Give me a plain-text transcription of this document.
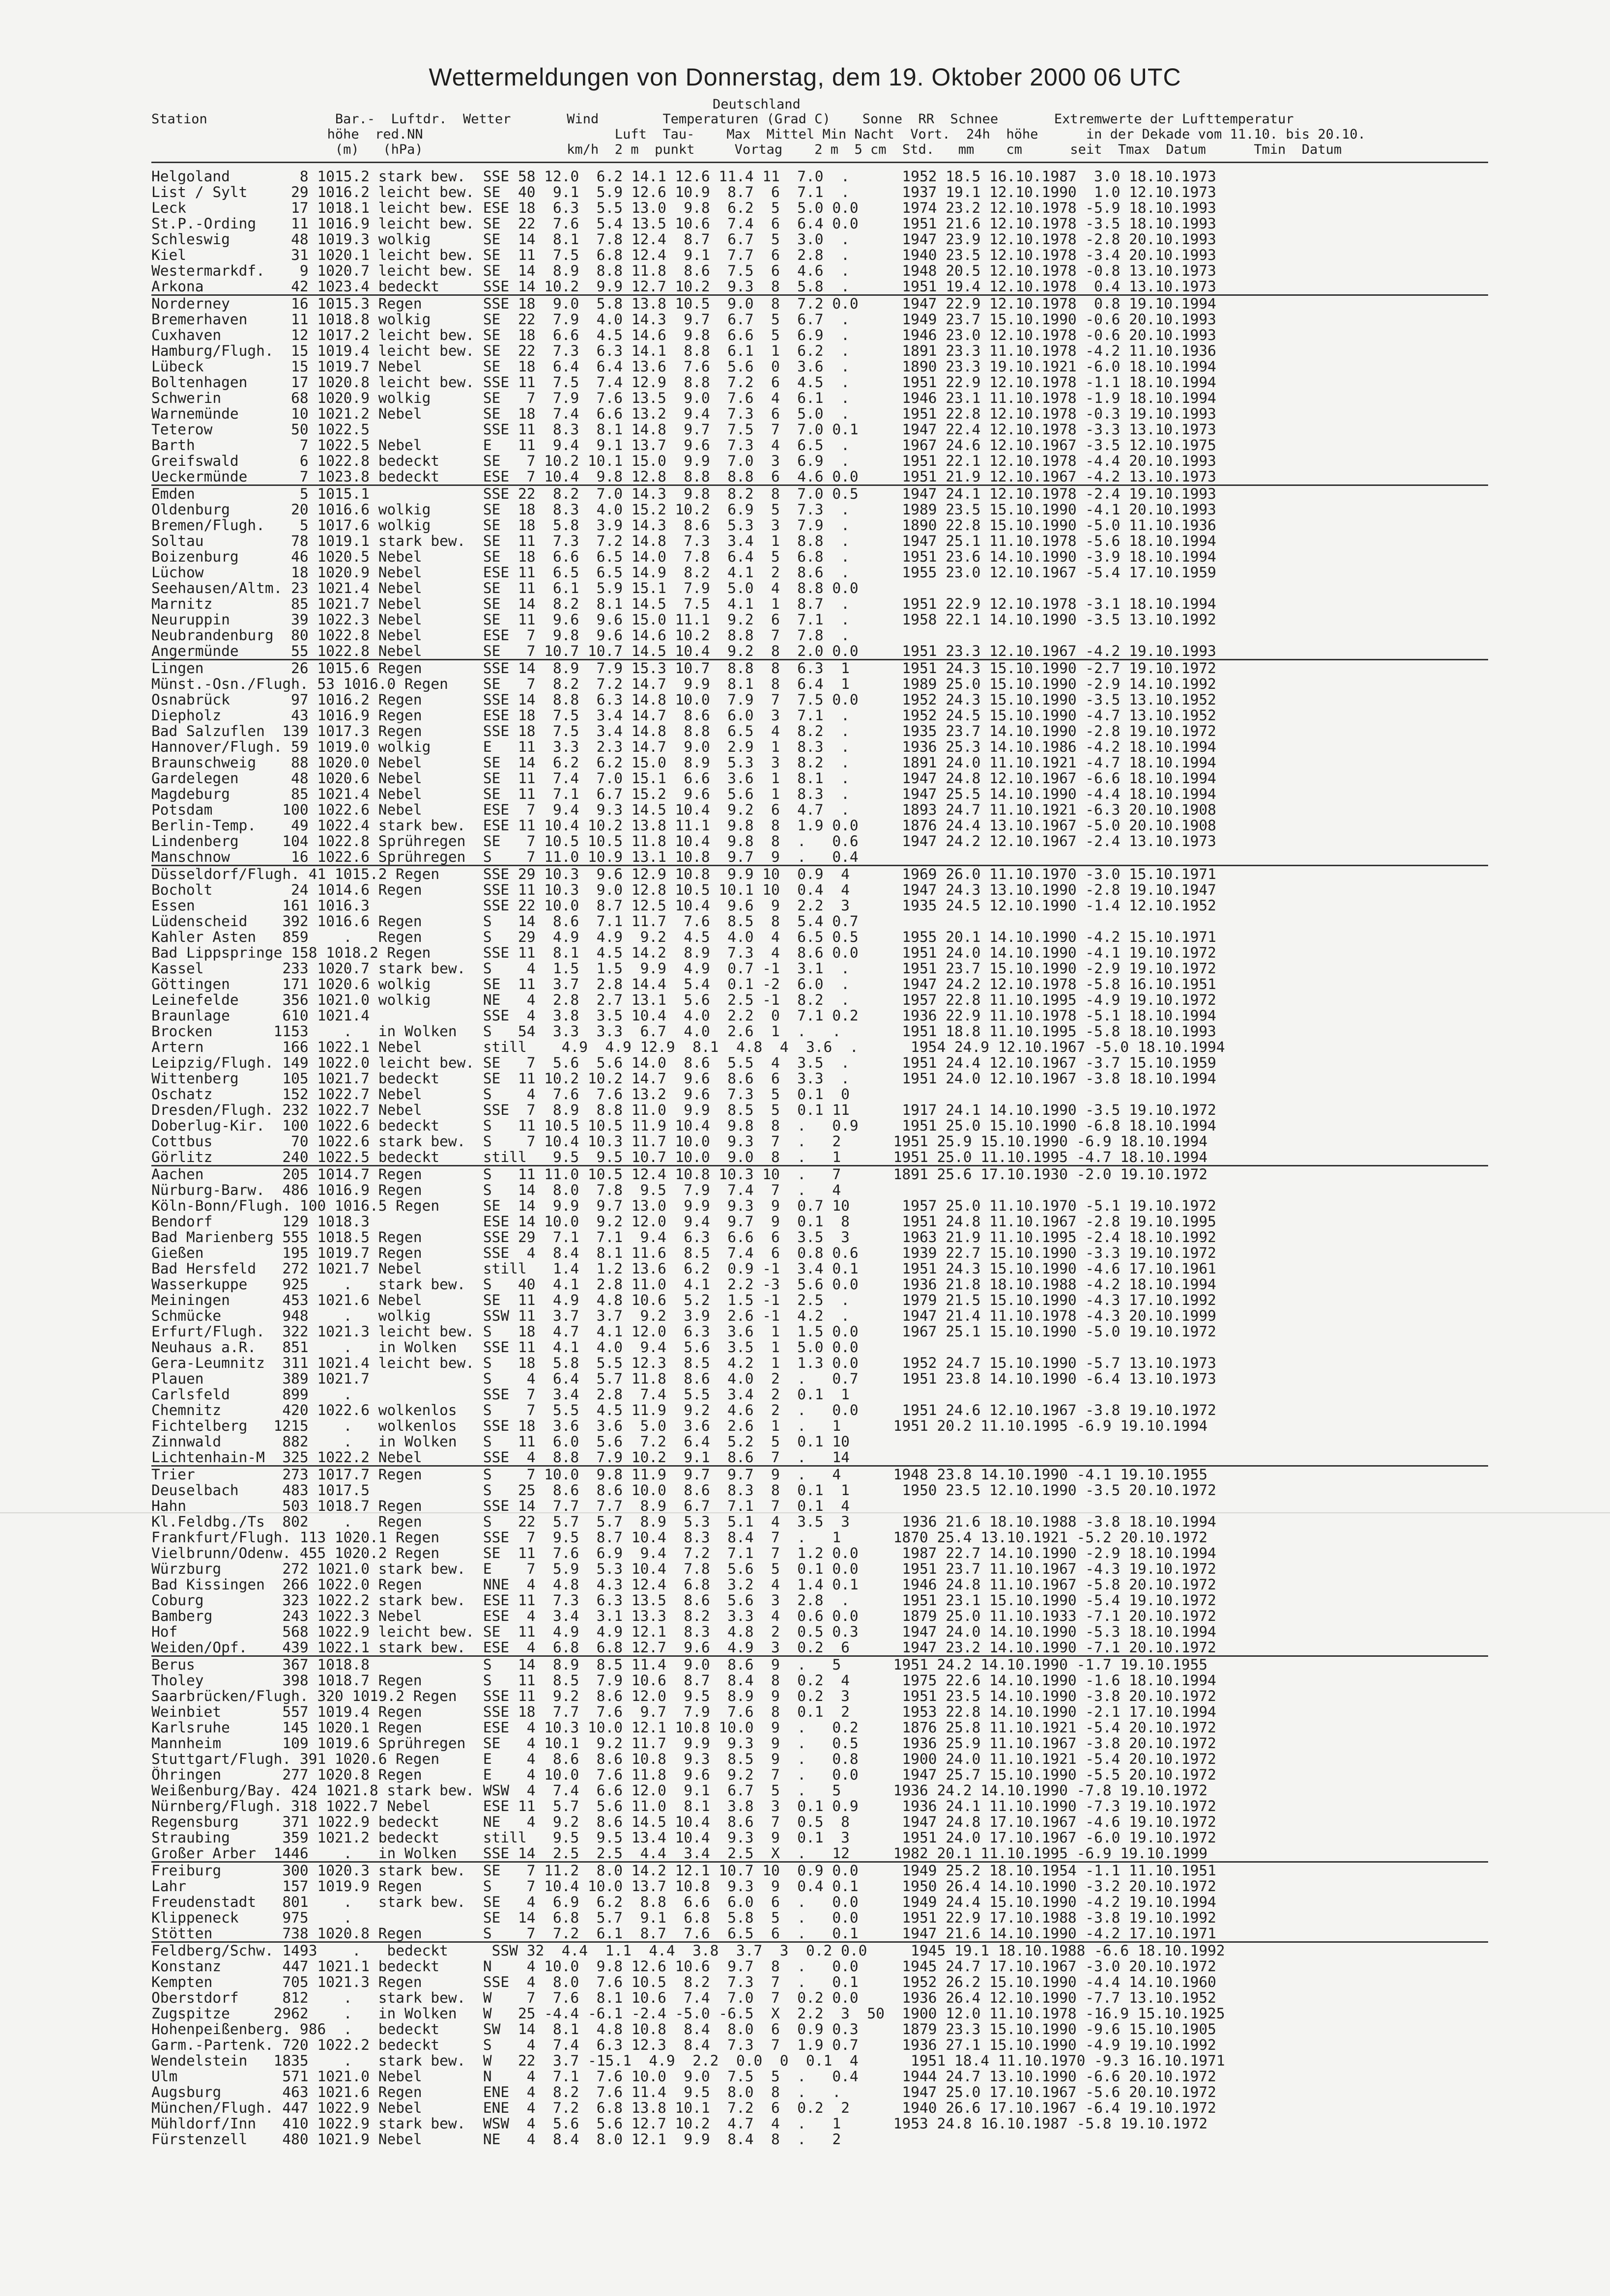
Wettermeldungen von Donnerstag, dem 19. Oktober 2000 06 UTC
Deutschland
Station                Bar.-  Luftdr.  Wetter       Wind        Temperaturen (Grad C)    Sonne  RR  Schnee       Extremwerte der Lufttemperatur
höhe  red.NN                        Luft  Tau-    Max  Mittel Min Nacht  Vort.  24h  höhe      in der Dekade vom 11.10. bis 20.10.
(m)   (hPa)                  km/h  2 m  punkt     Vortag    2 m  5 cm  Std.   mm    cm      seit  Tmax  Datum      Tmin  Datum
Helgoland        8 1015.2 stark bew.  SSE 58 12.0  6.2 14.1 12.6 11.4 11  7.0  .      1952 18.5 16.10.1987  3.0 18.10.1973
List / Sylt     29 1016.2 leicht bew. SE  40  9.1  5.9 12.6 10.9  8.7  6  7.1  .      1937 19.1 12.10.1990  1.0 12.10.1973
Leck            17 1018.1 leicht bew. ESE 18  6.3  5.5 13.0  9.8  6.2  5  5.0 0.0     1974 23.2 12.10.1978 -5.9 18.10.1993
St.P.-Ording    11 1016.9 leicht bew. SE  22  7.6  5.4 13.5 10.6  7.4  6  6.4 0.0     1951 21.6 12.10.1978 -3.5 18.10.1993
Schleswig       48 1019.3 wolkig      SE  14  8.1  7.8 12.4  8.7  6.7  5  3.0  .      1947 23.9 12.10.1978 -2.8 20.10.1993
Kiel            31 1020.1 leicht bew. SE  11  7.5  6.8 12.4  9.1  7.7  6  2.8  .      1940 23.5 12.10.1978 -3.4 20.10.1993
Westermarkdf.    9 1020.7 leicht bew. SE  14  8.9  8.8 11.8  8.6  7.5  6  4.6  .      1948 20.5 12.10.1978 -0.8 13.10.1973
Arkona          42 1023.4 bedeckt     SSE 14 10.2  9.9 12.7 10.2  9.3  8  5.8  .      1951 19.4 12.10.1978  0.4 13.10.1973
Norderney       16 1015.3 Regen       SSE 18  9.0  5.8 13.8 10.5  9.0  8  7.2 0.0     1947 22.9 12.10.1978  0.8 19.10.1994
Bremerhaven     11 1018.8 wolkig      SE  22  7.9  4.0 14.3  9.7  6.7  5  6.7  .      1949 23.7 15.10.1990 -0.6 20.10.1993
Cuxhaven        12 1017.2 leicht bew. SE  18  6.6  4.5 14.6  9.8  6.6  5  6.9  .      1946 23.0 12.10.1978 -0.6 20.10.1993
Hamburg/Flugh.  15 1019.4 leicht bew. SE  22  7.3  6.3 14.1  8.8  6.1  1  6.2  .      1891 23.3 11.10.1978 -4.2 11.10.1936
Lübeck          15 1019.7 Nebel       SE  18  6.4  6.4 13.6  7.6  5.6  0  3.6  .      1890 23.3 19.10.1921 -6.0 18.10.1994
Boltenhagen     17 1020.8 leicht bew. SSE 11  7.5  7.4 12.9  8.8  7.2  6  4.5  .      1951 22.9 12.10.1978 -1.1 18.10.1994
Schwerin        68 1020.9 wolkig      SE   7  7.9  7.6 13.5  9.0  7.6  4  6.1  .      1946 23.1 11.10.1978 -1.9 18.10.1994
Warnemünde      10 1021.2 Nebel       SE  18  7.4  6.6 13.2  9.4  7.3  6  5.0  .      1951 22.8 12.10.1978 -0.3 19.10.1993
Teterow         50 1022.5             SSE 11  8.3  8.1 14.8  9.7  7.5  7  7.0 0.1     1947 22.4 12.10.1978 -3.3 13.10.1973
Barth            7 1022.5 Nebel       E   11  9.4  9.1 13.7  9.6  7.3  4  6.5  .      1967 24.6 12.10.1967 -3.5 12.10.1975
Greifswald       6 1022.8 bedeckt     SE   7 10.2 10.1 15.0  9.9  7.0  3  6.9  .      1951 22.1 12.10.1978 -4.4 20.10.1993
Ueckermünde      7 1023.8 bedeckt     ESE  7 10.4  9.8 12.8  8.8  8.8  6  4.6 0.0     1951 21.9 12.10.1967 -4.2 13.10.1973
Emden            5 1015.1             SSE 22  8.2  7.0 14.3  9.8  8.2  8  7.0 0.5     1947 24.1 12.10.1978 -2.4 19.10.1993
Oldenburg       20 1016.6 wolkig      SE  18  8.3  4.0 15.2 10.2  6.9  5  7.3  .      1989 23.5 15.10.1990 -4.1 20.10.1993
Bremen/Flugh.    5 1017.6 wolkig      SE  18  5.8  3.9 14.3  8.6  5.3  3  7.9  .      1890 22.8 15.10.1990 -5.0 11.10.1936
Soltau          78 1019.1 stark bew.  SE  11  7.3  7.2 14.8  7.3  3.4  1  8.8  .      1947 25.1 11.10.1978 -5.6 18.10.1994
Boizenburg      46 1020.5 Nebel       SE  18  6.6  6.5 14.0  7.8  6.4  5  6.8  .      1951 23.6 14.10.1990 -3.9 18.10.1994
Lüchow          18 1020.9 Nebel       ESE 11  6.5  6.5 14.9  8.2  4.1  2  8.6  .      1955 23.0 12.10.1967 -5.4 17.10.1959
Seehausen/Altm. 23 1021.4 Nebel       SE  11  6.1  5.9 15.1  7.9  5.0  4  8.8 0.0
Marnitz         85 1021.7 Nebel       SE  14  8.2  8.1 14.5  7.5  4.1  1  8.7  .      1951 22.9 12.10.1978 -3.1 18.10.1994
Neuruppin       39 1022.3 Nebel       SE  11  9.6  9.6 15.0 11.1  9.2  6  7.1  .      1958 22.1 14.10.1990 -3.5 13.10.1992
Neubrandenburg  80 1022.8 Nebel       ESE  7  9.8  9.6 14.6 10.2  8.8  7  7.8  .
Angermünde      55 1022.8 Nebel       SE   7 10.7 10.7 14.5 10.4  9.2  8  2.0 0.0     1951 23.3 12.10.1967 -4.2 19.10.1993
Lingen          26 1015.6 Regen       SSE 14  8.9  7.9 15.3 10.7  8.8  8  6.3  1      1951 24.3 15.10.1990 -2.7 19.10.1972
Münst.-Osn./Flugh. 53 1016.0 Regen    SE   7  8.2  7.2 14.7  9.9  8.1  8  6.4  1      1989 25.0 15.10.1990 -2.9 14.10.1992
Osnabrück       97 1016.2 Regen       SSE 14  8.8  6.3 14.8 10.0  7.9  7  7.5 0.0     1952 24.3 15.10.1990 -3.5 13.10.1952
Diepholz        43 1016.9 Regen       ESE 18  7.5  3.4 14.7  8.6  6.0  3  7.1  .      1952 24.5 15.10.1990 -4.7 13.10.1952
Bad Salzuflen  139 1017.3 Regen       SSE 18  7.5  3.4 14.8  8.8  6.5  4  8.2  .      1935 23.7 14.10.1990 -2.8 19.10.1972
Hannover/Flugh. 59 1019.0 wolkig      E   11  3.3  2.3 14.7  9.0  2.9  1  8.3  .      1936 25.3 14.10.1986 -4.2 18.10.1994
Braunschweig    88 1020.0 Nebel       SE  14  6.2  6.2 15.0  8.9  5.3  3  8.2  .      1891 24.0 11.10.1921 -4.7 18.10.1994
Gardelegen      48 1020.6 Nebel       SE  11  7.4  7.0 15.1  6.6  3.6  1  8.1  .      1947 24.8 12.10.1967 -6.6 18.10.1994
Magdeburg       85 1021.4 Nebel       SE  11  7.1  6.7 15.2  9.6  5.6  1  8.3  .      1947 25.5 14.10.1990 -4.4 18.10.1994
Potsdam        100 1022.6 Nebel       ESE  7  9.4  9.3 14.5 10.4  9.2  6  4.7  .      1893 24.7 11.10.1921 -6.3 20.10.1908
Berlin-Temp.    49 1022.4 stark bew.  ESE 11 10.4 10.2 13.8 11.1  9.8  8  1.9 0.0     1876 24.4 13.10.1967 -5.0 20.10.1908
Lindenberg     104 1022.8 Sprühregen  SE   7 10.5 10.5 11.8 10.4  9.8  8  .   0.6     1947 24.2 12.10.1967 -2.4 13.10.1973
Manschnow       16 1022.6 Sprühregen  S    7 11.0 10.9 13.1 10.8  9.7  9  .   0.4
Düsseldorf/Flugh. 41 1015.2 Regen     SSE 29 10.3  9.6 12.9 10.8  9.9 10  0.9  4      1969 26.0 11.10.1970 -3.0 15.10.1971
Bocholt         24 1014.6 Regen       SSE 11 10.3  9.0 12.8 10.5 10.1 10  0.4  4      1947 24.3 13.10.1990 -2.8 19.10.1947
Essen          161 1016.3             SSE 22 10.0  8.7 12.5 10.4  9.6  9  2.2  3      1935 24.5 12.10.1990 -1.4 12.10.1952
Lüdenscheid    392 1016.6 Regen       S   14  8.6  7.1 11.7  7.6  8.5  8  5.4 0.7
Kahler Asten   859    .   Regen       S   29  4.9  4.9  9.2  4.5  4.0  4  6.5 0.5     1955 20.1 14.10.1990 -4.2 15.10.1971
Bad Lippspringe 158 1018.2 Regen      SSE 11  8.1  4.5 14.2  8.9  7.3  4  8.6 0.0     1951 24.0 14.10.1990 -4.1 19.10.1972
Kassel         233 1020.7 stark bew.  S    4  1.5  1.5  9.9  4.9  0.7 -1  3.1  .      1951 23.7 15.10.1990 -2.9 19.10.1972
Göttingen      171 1020.6 wolkig      SE  11  3.7  2.8 14.4  5.4  0.1 -2  6.0  .      1947 24.2 12.10.1978 -5.8 16.10.1951
Leinefelde     356 1021.0 wolkig      NE   4  2.8  2.7 13.1  5.6  2.5 -1  8.2  .      1957 22.8 11.10.1995 -4.9 19.10.1972
Braunlage      610 1021.4             SSE  4  3.8  3.5 10.4  4.0  2.2  0  7.1 0.2     1936 22.9 11.10.1978 -5.1 18.10.1994
Brocken       1153    .   in Wolken   S   54  3.3  3.3  6.7  4.0  2.6  1  .   .       1951 18.8 11.10.1995 -5.8 18.10.1993
Artern         166 1022.1 Nebel       still    4.9  4.9 12.9  8.1  4.8  4  3.6  .      1954 24.9 12.10.1967 -5.0 18.10.1994
Leipzig/Flugh. 149 1022.0 leicht bew. SE   7  5.6  5.6 14.0  8.6  5.5  4  3.5  .      1951 24.4 12.10.1967 -3.7 15.10.1959
Wittenberg     105 1021.7 bedeckt     SE  11 10.2 10.2 14.7  9.6  8.6  6  3.3  .      1951 24.0 12.10.1967 -3.8 18.10.1994
Oschatz        152 1022.7 Nebel       S    4  7.6  7.6 13.2  9.6  7.3  5  0.1  0
Dresden/Flugh. 232 1022.7 Nebel       SSE  7  8.9  8.8 11.0  9.9  8.5  5  0.1 11      1917 24.1 14.10.1990 -3.5 19.10.1972
Doberlug-Kir.  100 1022.6 bedeckt     S   11 10.5 10.5 11.9 10.4  9.8  8  .   0.9     1951 25.0 15.10.1990 -6.8 18.10.1994
Cottbus         70 1022.6 stark bew.  S    7 10.4 10.3 11.7 10.0  9.3  7  .   2      1951 25.9 15.10.1990 -6.9 18.10.1994
Görlitz        240 1022.5 bedeckt     still   9.5  9.5 10.7 10.0  9.0  8  .   1      1951 25.0 11.10.1995 -4.7 18.10.1994
Aachen         205 1014.7 Regen       S   11 11.0 10.5 12.4 10.8 10.3 10  .   7      1891 25.6 17.10.1930 -2.0 19.10.1972
Nürburg-Barw.  486 1016.9 Regen       S   14  8.0  7.8  9.5  7.9  7.4  7  .   4
Köln-Bonn/Flugh. 100 1016.5 Regen     SE  14  9.9  9.7 13.0  9.9  9.3  9  0.7 10      1957 25.0 11.10.1970 -5.1 19.10.1972
Bendorf        129 1018.3             ESE 14 10.0  9.2 12.0  9.4  9.7  9  0.1  8      1951 24.8 11.10.1967 -2.8 19.10.1995
Bad Marienberg 555 1018.5 Regen       SSE 29  7.1  7.1  9.4  6.3  6.6  6  3.5  3      1963 21.9 11.10.1995 -2.4 18.10.1992
Gießen         195 1019.7 Regen       SSE  4  8.4  8.1 11.6  8.5  7.4  6  0.8 0.6     1939 22.7 15.10.1990 -3.3 19.10.1972
Bad Hersfeld   272 1021.7 Nebel       still   1.4  1.2 13.6  6.2  0.9 -1  3.4 0.1     1951 24.3 15.10.1990 -4.6 17.10.1961
Wasserkuppe    925    .   stark bew.  S   40  4.1  2.8 11.0  4.1  2.2 -3  5.6 0.0     1936 21.8 18.10.1988 -4.2 18.10.1994
Meiningen      453 1021.6 Nebel       SE  11  4.9  4.8 10.6  5.2  1.5 -1  2.5  .      1979 21.5 15.10.1990 -4.3 17.10.1992
Schmücke       948    .   wolkig      SSW 11  3.7  3.7  9.2  3.9  2.6 -1  4.2  .      1947 21.4 11.10.1978 -4.3 20.10.1999
Erfurt/Flugh.  322 1021.3 leicht bew. S   18  4.7  4.1 12.0  6.3  3.6  1  1.5 0.0     1967 25.1 15.10.1990 -5.0 19.10.1972
Neuhaus a.R.   851    .   in Wolken   SSE 11  4.1  4.0  9.4  5.6  3.5  1  5.0 0.0
Gera-Leumnitz  311 1021.4 leicht bew. S   18  5.8  5.5 12.3  8.5  4.2  1  1.3 0.0     1952 24.7 15.10.1990 -5.7 13.10.1973
Plauen         389 1021.7             S    4  6.4  5.7 11.8  8.6  4.0  2  .   0.7     1951 23.8 14.10.1990 -6.4 13.10.1973
Carlsfeld      899    .               SSE  7  3.4  2.8  7.4  5.5  3.4  2  0.1  1
Chemnitz       420 1022.6 wolkenlos   S    7  5.5  4.5 11.9  9.2  4.6  2  .   0.0     1951 24.6 12.10.1967 -3.8 19.10.1972
Fichtelberg   1215    .   wolkenlos   SSE 18  3.6  3.6  5.0  3.6  2.6  1  .   1      1951 20.2 11.10.1995 -6.9 19.10.1994
Zinnwald       882    .   in Wolken   S   11  6.0  5.6  7.2  6.4  5.2  5  0.1 10
Lichtenhain-M  325 1022.2 Nebel       SSE  4  8.8  7.9 10.2  9.1  8.6  7  .   14
Trier          273 1017.7 Regen       S    7 10.0  9.8 11.9  9.7  9.7  9  .   4      1948 23.8 14.10.1990 -4.1 19.10.1955
Deuselbach     483 1017.5             S   25  8.6  8.6 10.0  8.6  8.3  8  0.1  1      1950 23.5 12.10.1990 -3.5 20.10.1972
Hahn           503 1018.7 Regen       SSE 14  7.7  7.7  8.9  6.7  7.1  7  0.1  4
Kl.Feldbg./Ts  802    .   Regen       S   22  5.7  5.7  8.9  5.3  5.1  4  3.5  3      1936 21.6 18.10.1988 -3.8 18.10.1994
Frankfurt/Flugh. 113 1020.1 Regen     SSE  7  9.5  8.7 10.4  8.3  8.4  7  .   1      1870 25.4 13.10.1921 -5.2 20.10.1972
Vielbrunn/Odenw. 455 1020.2 Regen     SE  11  7.6  6.9  9.4  7.2  7.1  7  1.2 0.0     1987 22.7 14.10.1990 -2.9 18.10.1994
Würzburg       272 1021.0 stark bew.  E    7  5.9  5.3 10.4  7.8  5.6  5  0.1 0.0     1951 23.7 11.10.1967 -4.3 19.10.1972
Bad Kissingen  266 1022.0 Regen       NNE  4  4.8  4.3 12.4  6.8  3.2  4  1.4 0.1     1946 24.8 11.10.1967 -5.8 20.10.1972
Coburg         323 1022.2 stark bew.  ESE 11  7.3  6.3 13.5  8.6  5.6  3  2.8  .      1951 23.1 15.10.1990 -5.4 19.10.1972
Bamberg        243 1022.3 Nebel       ESE  4  3.4  3.1 13.3  8.2  3.3  4  0.6 0.0     1879 25.0 11.10.1933 -7.1 20.10.1972
Hof            568 1022.9 leicht bew. SE  11  4.9  4.9 12.1  8.3  4.8  2  0.5 0.3     1947 24.0 14.10.1990 -5.3 18.10.1994
Weiden/Opf.    439 1022.1 stark bew.  ESE  4  6.8  6.8 12.7  9.6  4.9  3  0.2  6      1947 23.2 14.10.1990 -7.1 20.10.1972
Berus          367 1018.8             S   14  8.9  8.5 11.4  9.0  8.6  9  .   5      1951 24.2 14.10.1990 -1.7 19.10.1955
Tholey         398 1018.7 Regen       S   11  8.5  7.9 10.6  8.7  8.4  8  0.2  4      1975 22.6 14.10.1990 -1.6 18.10.1994
Saarbrücken/Flugh. 320 1019.2 Regen   SSE 11  9.2  8.6 12.0  9.5  8.9  9  0.2  3      1951 23.5 14.10.1990 -3.8 20.10.1972
Weinbiet       557 1019.4 Regen       SSE 18  7.7  7.6  9.7  7.9  7.6  8  0.1  2      1953 22.8 14.10.1990 -2.1 17.10.1994
Karlsruhe      145 1020.1 Regen       ESE  4 10.3 10.0 12.1 10.8 10.0  9  .   0.2     1876 25.8 11.10.1921 -5.4 20.10.1972
Mannheim       109 1019.6 Sprühregen  SE   4 10.1  9.2 11.7  9.9  9.3  9  .   0.5     1936 25.9 11.10.1967 -3.8 20.10.1972
Stuttgart/Flugh. 391 1020.6 Regen     E    4  8.6  8.6 10.8  9.3  8.5  9  .   0.8     1900 24.0 11.10.1921 -5.4 20.10.1972
Öhringen       277 1020.8 Regen       E    4 10.0  7.6 11.8  9.6  9.2  7  .   0.0     1947 25.7 15.10.1990 -5.5 20.10.1972
Weißenburg/Bay. 424 1021.8 stark bew. WSW  4  7.4  6.6 12.0  9.1  6.7  5  .   5      1936 24.2 14.10.1990 -7.8 19.10.1972
Nürnberg/Flugh. 318 1022.7 Nebel      ESE 11  5.7  5.6 11.0  8.1  3.8  3  0.1 0.9     1936 24.1 11.10.1990 -7.3 19.10.1972
Regensburg     371 1022.9 bedeckt     NE   4  9.2  8.6 14.5 10.4  8.6  7  0.5  8      1947 24.8 17.10.1967 -4.6 19.10.1972
Straubing      359 1021.2 bedeckt     still   9.5  9.5 13.4 10.4  9.3  9  0.1  3      1951 24.0 17.10.1967 -6.0 19.10.1972
Großer Arber  1446    .   in Wolken   SSE 14  2.5  2.5  4.4  3.4  2.5  X  .   12     1982 20.1 11.10.1995 -6.9 19.10.1999
Freiburg       300 1020.3 stark bew.  SE   7 11.2  8.0 14.2 12.1 10.7 10  0.9 0.0     1949 25.2 18.10.1954 -1.1 11.10.1951
Lahr           157 1019.9 Regen       S    7 10.4 10.0 13.7 10.8  9.3  9  0.4 0.1     1950 26.4 14.10.1990 -3.2 20.10.1972
Freudenstadt   801    .   stark bew.  SE   4  6.9  6.2  8.8  6.6  6.0  6  .   0.0     1949 24.4 15.10.1990 -4.2 19.10.1994
Klippeneck     975    .               SE  14  6.8  5.7  9.1  6.8  5.8  5  .   0.0     1951 22.9 17.10.1988 -3.8 19.10.1992
Stötten        738 1020.8 Regen       S    7  7.2  6.1  8.7  7.6  6.5  6  .   0.1     1947 21.6 14.10.1990 -4.2 17.10.1971
Feldberg/Schw. 1493    .   bedeckt     SSW 32  4.4  1.1  4.4  3.8  3.7  3  0.2 0.0     1945 19.1 18.10.1988 -6.6 18.10.1992
Konstanz       447 1021.1 bedeckt     N    4 10.0  9.8 12.6 10.6  9.7  8  .   0.0     1945 24.7 17.10.1967 -3.0 20.10.1972
Kempten        705 1021.3 Regen       SSE  4  8.0  7.6 10.5  8.2  7.3  7  .   0.1     1952 26.2 15.10.1990 -4.4 14.10.1960
Oberstdorf     812    .   stark bew.  W    7  7.6  8.1 10.6  7.4  7.0  7  0.2 0.0     1936 26.4 12.10.1990 -7.7 13.10.1952
Zugspitze     2962    .   in Wolken   W   25 -4.4 -6.1 -2.4 -5.0 -6.5  X  2.2  3  50  1900 12.0 11.10.1978 -16.9 15.10.1925
Hohenpeißenberg. 986  .   bedeckt     SW  14  8.1  4.8 10.8  8.4  8.0  6  0.9 0.3     1879 23.3 15.10.1990 -9.6 15.10.1905
Garm.-Partenk. 720 1022.2 bedeckt     S    4  7.4  6.3 12.3  8.4  7.3  7  1.9 0.7     1936 27.1 15.10.1990 -4.9 19.10.1992
Wendelstein   1835    .   stark bew.  W   22  3.7 -15.1  4.9  2.2  0.0  0  0.1  4      1951 18.4 11.10.1970 -9.3 16.10.1971
Ulm            571 1021.0 Nebel       N    4  7.1  7.6 10.0  9.0  7.5  5  .   0.4     1944 24.7 13.10.1990 -6.6 20.10.1972
Augsburg       463 1021.6 Regen       ENE  4  8.2  7.6 11.4  9.5  8.0  8  .   .       1947 25.0 17.10.1967 -5.6 20.10.1972
München/Flugh. 447 1022.9 Nebel       ENE  4  7.2  6.8 13.8 10.1  7.2  6  0.2  2      1940 26.6 17.10.1967 -6.4 19.10.1972
Mühldorf/Inn   410 1022.9 stark bew.  WSW  4  5.6  5.6 12.7 10.2  4.7  4  .   1      1953 24.8 16.10.1987 -5.8 19.10.1972
Fürstenzell    480 1021.9 Nebel       NE   4  8.4  8.0 12.1  9.9  8.4  8  .   2
